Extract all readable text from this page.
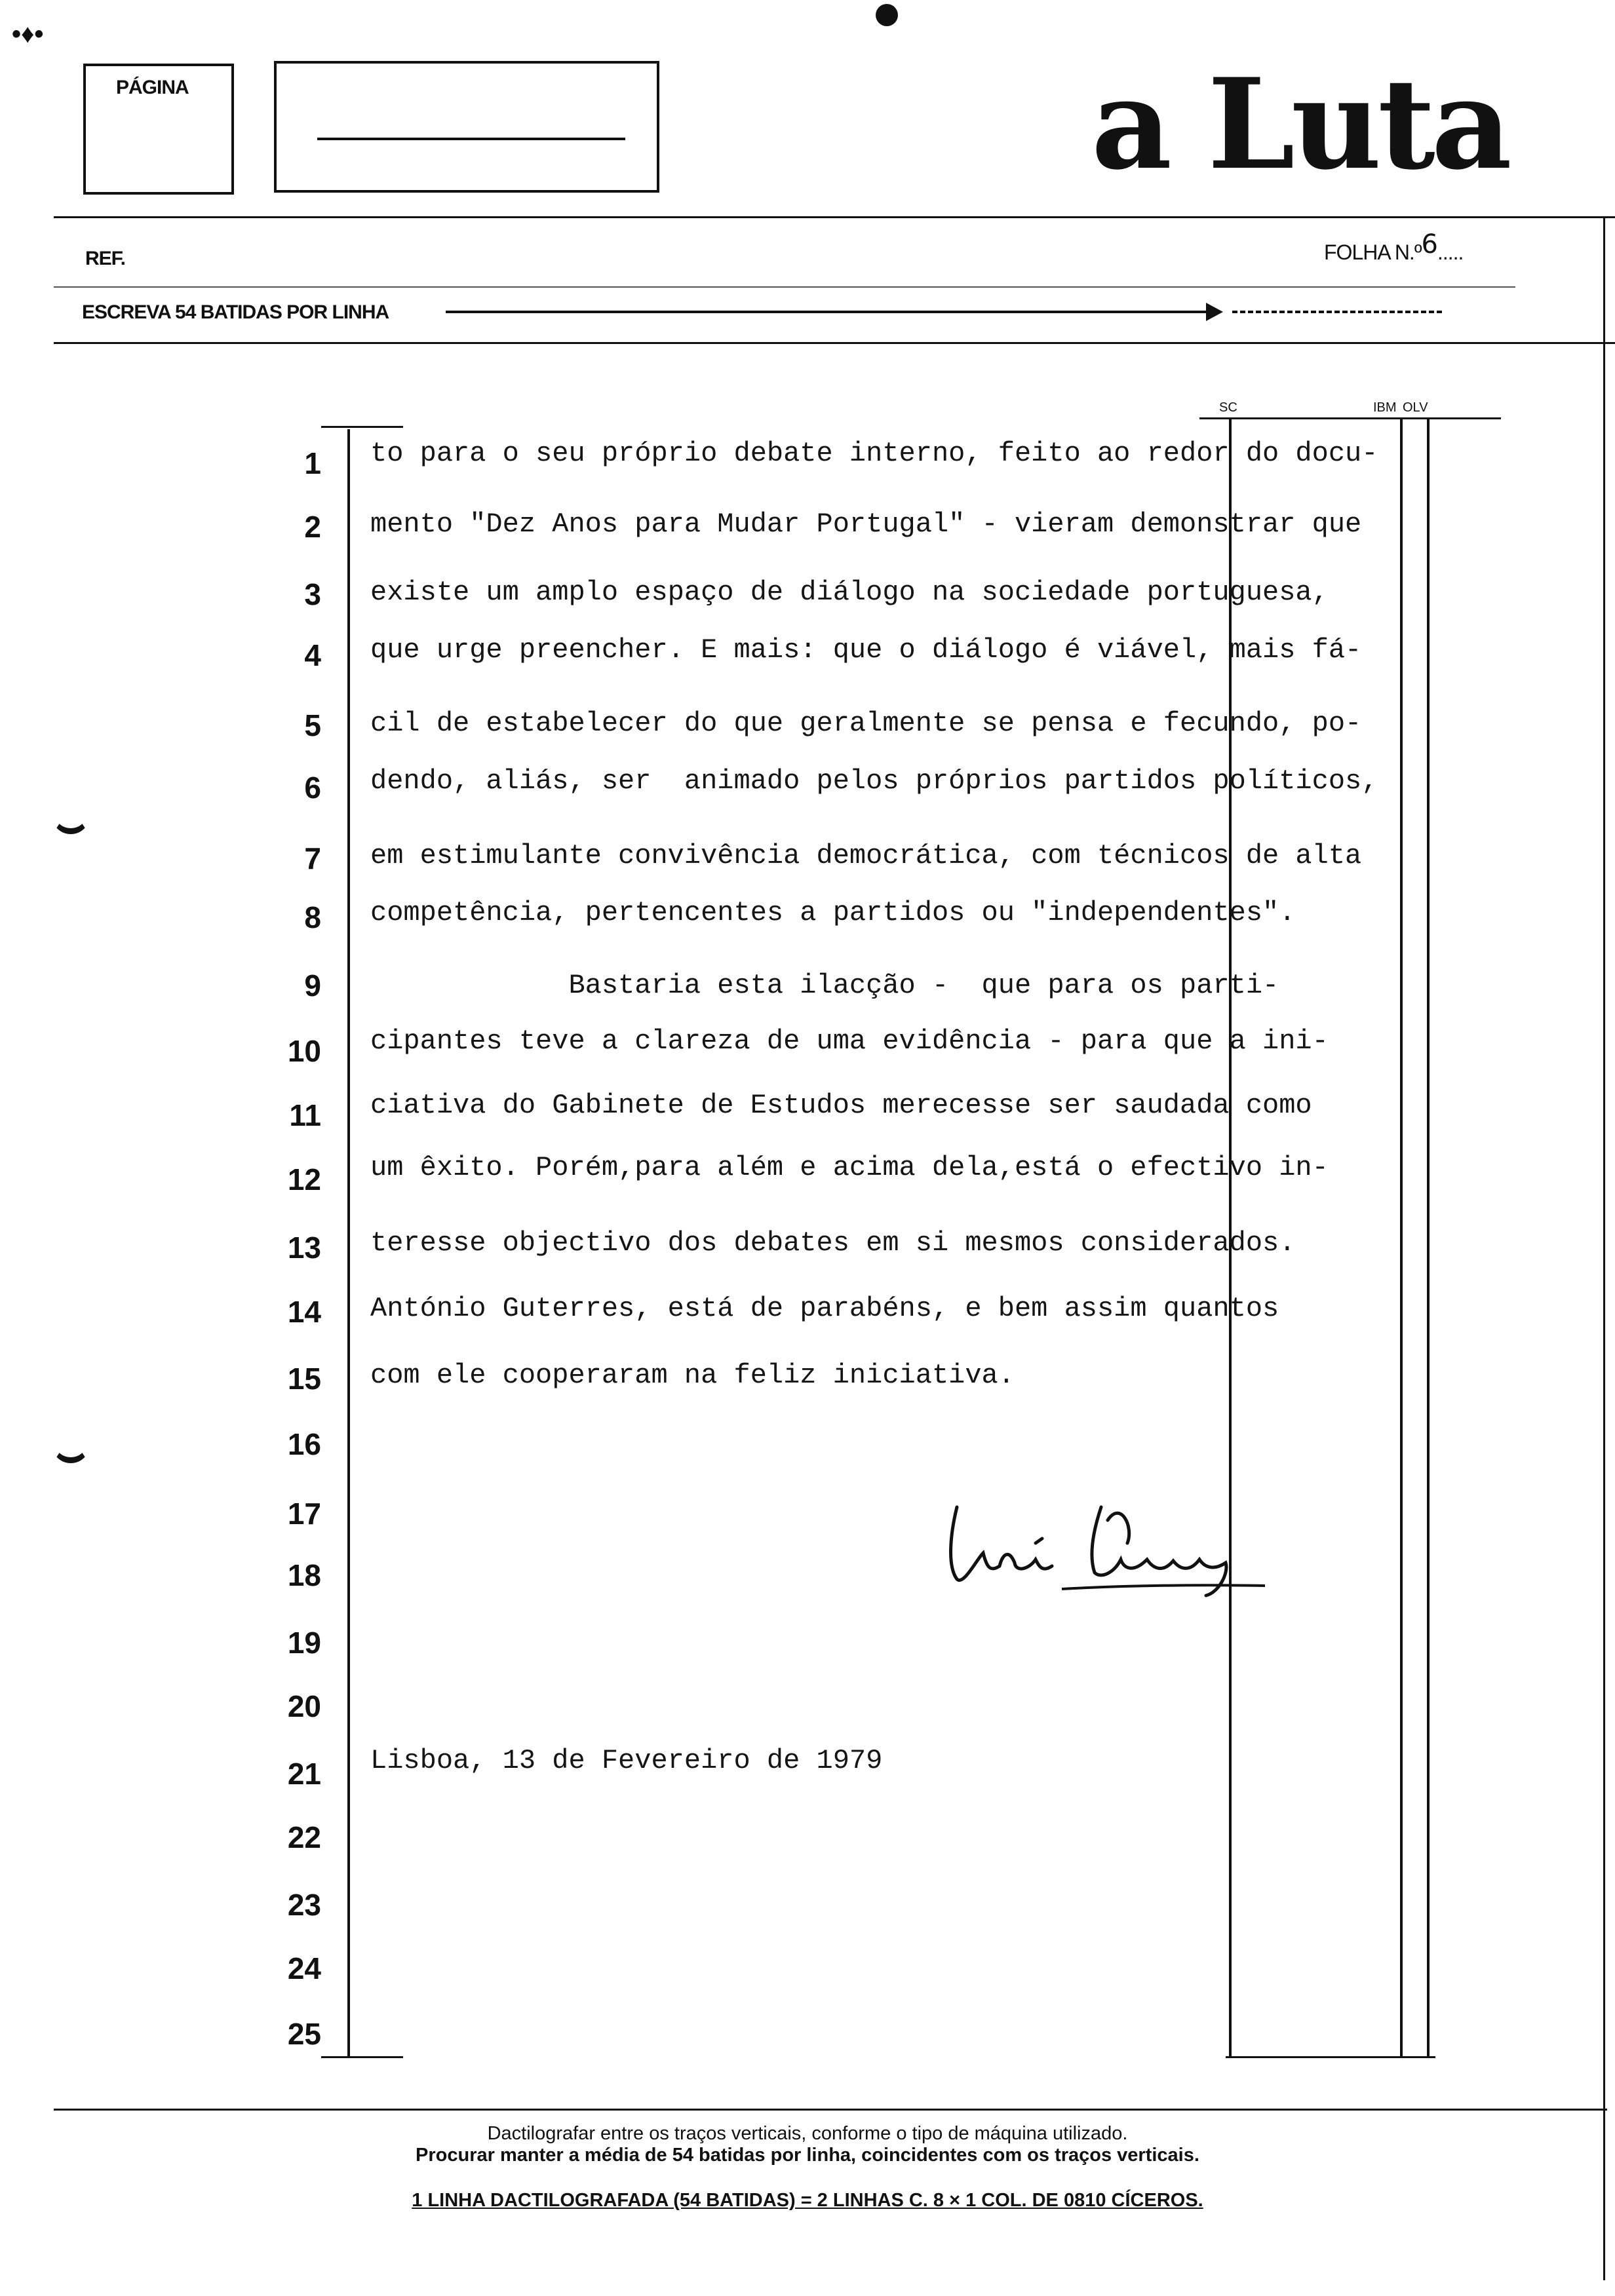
•♦•
PÁGINA	a Luta
REF.	FOLHA N.º6.....
ESCREVA 54 BATIDAS POR LINHA
SC	IBM OLV
1
2
3
4
5
6
7
8
9
10
11
12
13
14
15
16
17
18
19
20
21
22
23
24
25
to para o seu próprio debate interno, feito ao redor do docu-
mento "Dez Anos para Mudar Portugal" - vieram demonstrar que
existe um amplo espaço de diálogo na sociedade portuguesa,
que urge preencher. E mais: que o diálogo é viável, mais fá-
cil de estabelecer do que geralmente se pensa e fecundo, po-
dendo, aliás, ser  animado pelos próprios partidos políticos,
em estimulante convivência democrática, com técnicos de alta
competência, pertencentes a partidos ou "independentes".
Bastaria esta ilacção -  que para os parti-
cipantes teve a clareza de uma evidência - para que a ini-
ciativa do Gabinete de Estudos merecesse ser saudada como
um êxito. Porém,para além e acima dela,está o efectivo in-
teresse objectivo dos debates em si mesmos considerados.
António Guterres, está de parabéns, e bem assim quantos
com ele cooperaram na feliz iniciativa.
Lisboa, 13 de Fevereiro de 1979
Dactilografar entre os traços verticais, conforme o tipo de máquina utilizado.
Procurar manter a média de 54 batidas por linha, coincidentes com os traços verticais.
1 LINHA DACTILOGRAFADA (54 BATIDAS) = 2 LINHAS C. 8 × 1 COL. DE 0810 CÍCEROS.
